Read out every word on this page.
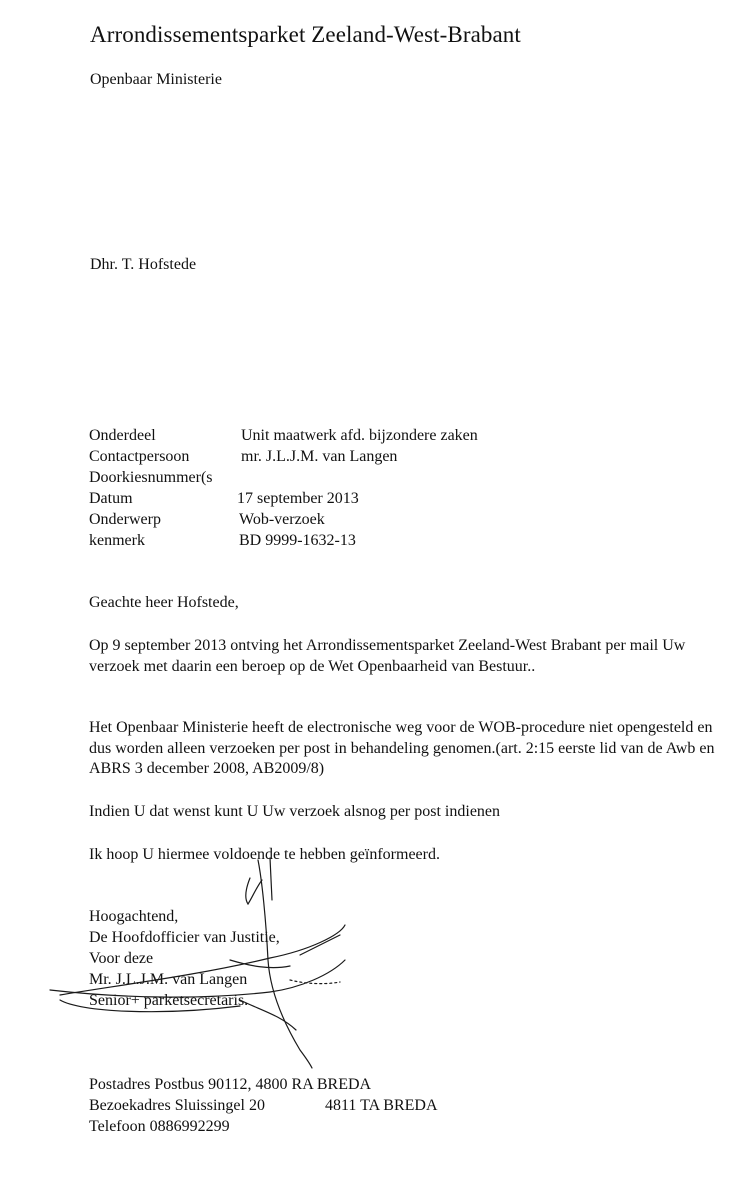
Arrondissementsparket Zeeland-West-Brabant
Openbaar Ministerie
Dhr. T. Hofstede
Onderdeel	Unit maatwerk afd. bijzondere zaken
Contactpersoon	mr. J.L.J.M. van Langen
Doorkiesnummer(s
Datum	17 september 2013
Onderwerp	Wob-verzoek
kenmerk	BD 9999-1632-13
Geachte heer Hofstede,
Op 9 september 2013 ontving het Arrondissementsparket Zeeland-West Brabant per mail Uw verzoek met daarin een beroep op de Wet Openbaarheid van Bestuur..
Het Openbaar Ministerie heeft de electronische weg voor de WOB-procedure niet opengesteld en dus worden alleen verzoeken per post in behandeling genomen.(art. 2:15 eerste lid van de Awb en ABRS 3 december 2008, AB2009/8)
Indien U dat wenst kunt U Uw verzoek alsnog per post indienen
Ik hoop U hiermee voldoende te hebben geïnformeerd.
Hoogachtend,
De Hoofdofficier van Justitie,
Voor deze
Mr. J.L.J.M. van Langen
Senior+ parketsecretaris.
Postadres Postbus 90112, 4800 RA BREDA
Bezoekadres Sluissingel 20	4811 TA BREDA
Telefoon 0886992299
